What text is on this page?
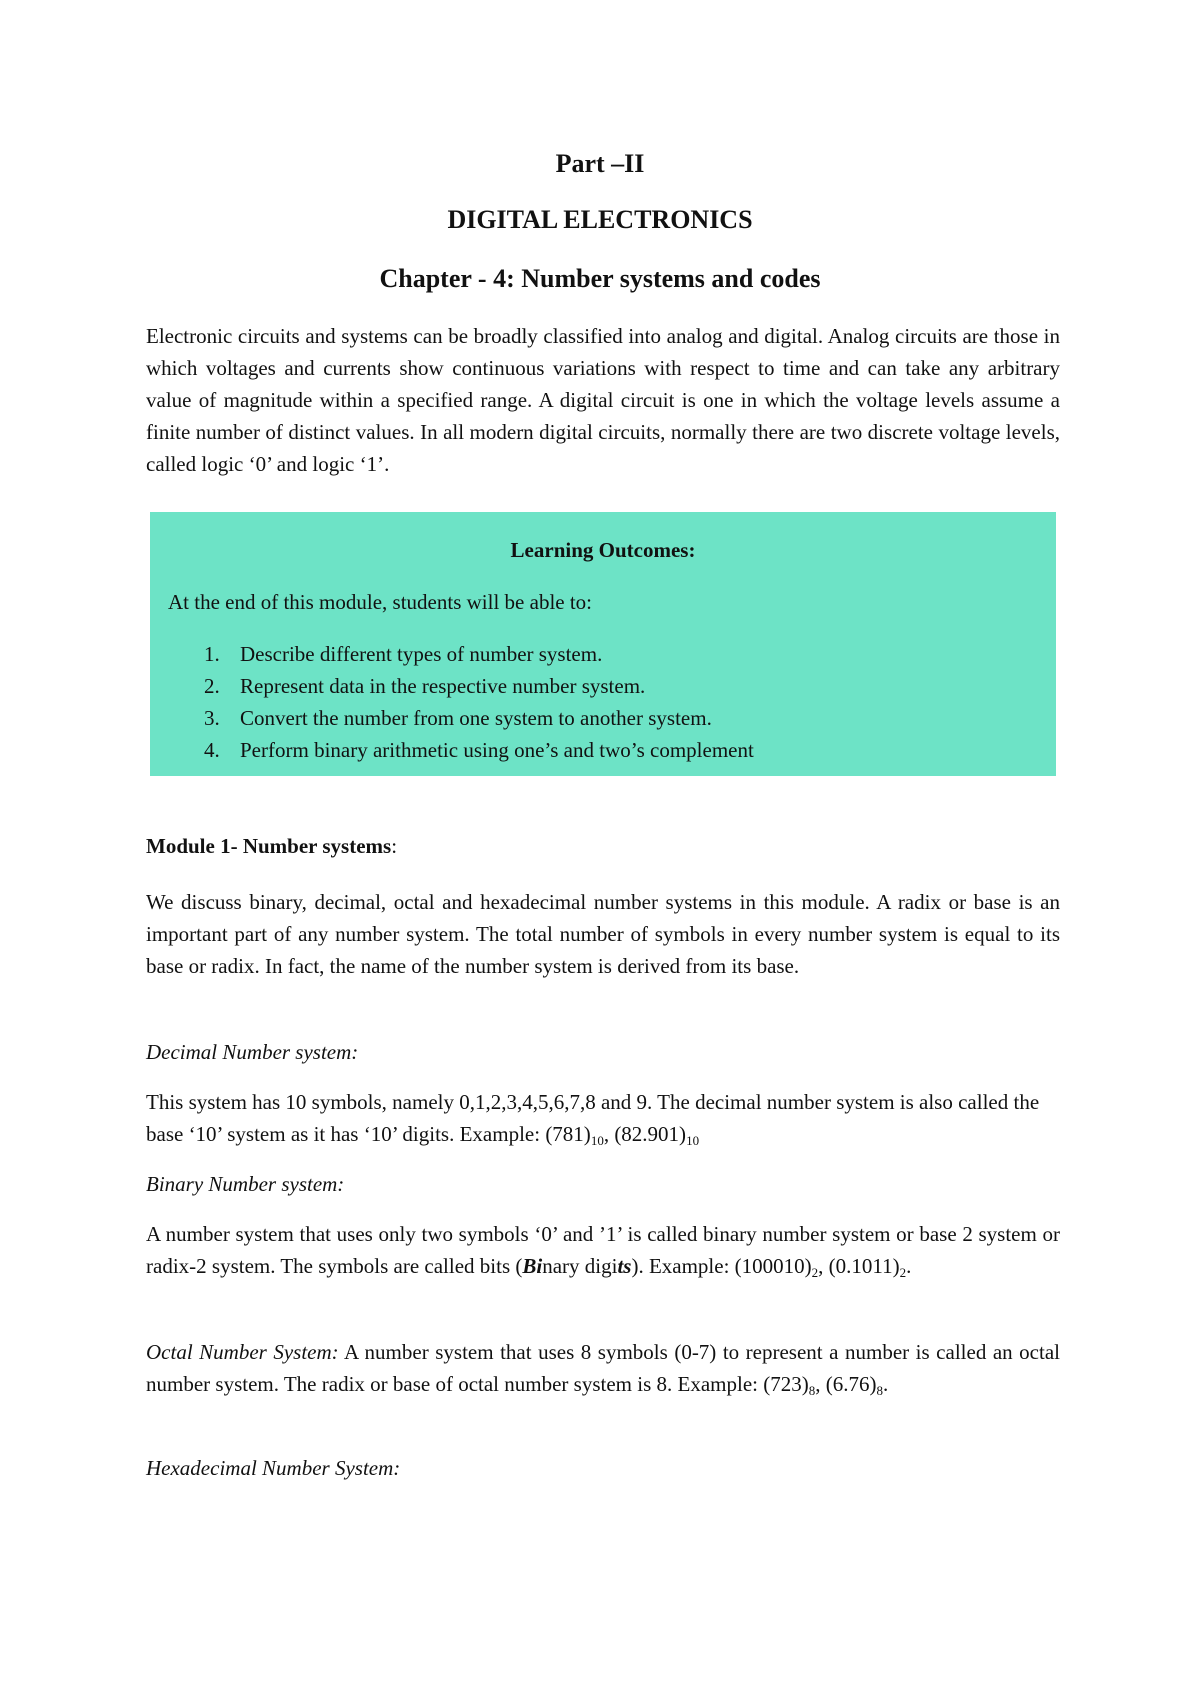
Part –II
DIGITAL ELECTRONICS
Chapter - 4: Number systems and codes

Electronic circuits and systems can be broadly classified into analog and digital. Analog circuits are those in which voltages and currents show continuous variations with respect to time and can take any arbitrary value of magnitude within a specified range. A digital circuit is one in which the voltage levels assume a finite number of distinct values. In all modern digital circuits, normally there are two discrete voltage levels, called logic ‘0’ and logic ‘1’.

Learning Outcomes:
At the end of this module, students will be able to:
1. Describe different types of number system.
2. Represent data in the respective number system.
3. Convert the number from one system to another system.
4. Perform binary arithmetic using one’s and two’s complement

Module 1- Number systems:

We discuss binary, decimal, octal and hexadecimal number systems in this module. A radix or base is an important part of any number system. The total number of symbols in every number system is equal to its base or radix. In fact, the name of the number system is derived from its base.

Decimal Number system:

This system has 10 symbols, namely 0,1,2,3,4,5,6,7,8 and 9. The decimal number system is also called the base ‘10’ system as it has ‘10’ digits. Example: $(781)_{10}$, $(82.901)_{10}$

Binary Number system:

A number system that uses only two symbols ‘0’ and ’1’ is called binary number system or base 2 system or radix-2 system. The symbols are called bits (Binary digits). Example: $(100010)_2$, $(0.1011)_2$.

Octal Number System: A number system that uses 8 symbols (0-7) to represent a number is called an octal number system. The radix or base of octal number system is 8. Example: $(723)_8$, $(6.76)_8$.

Hexadecimal Number System:
